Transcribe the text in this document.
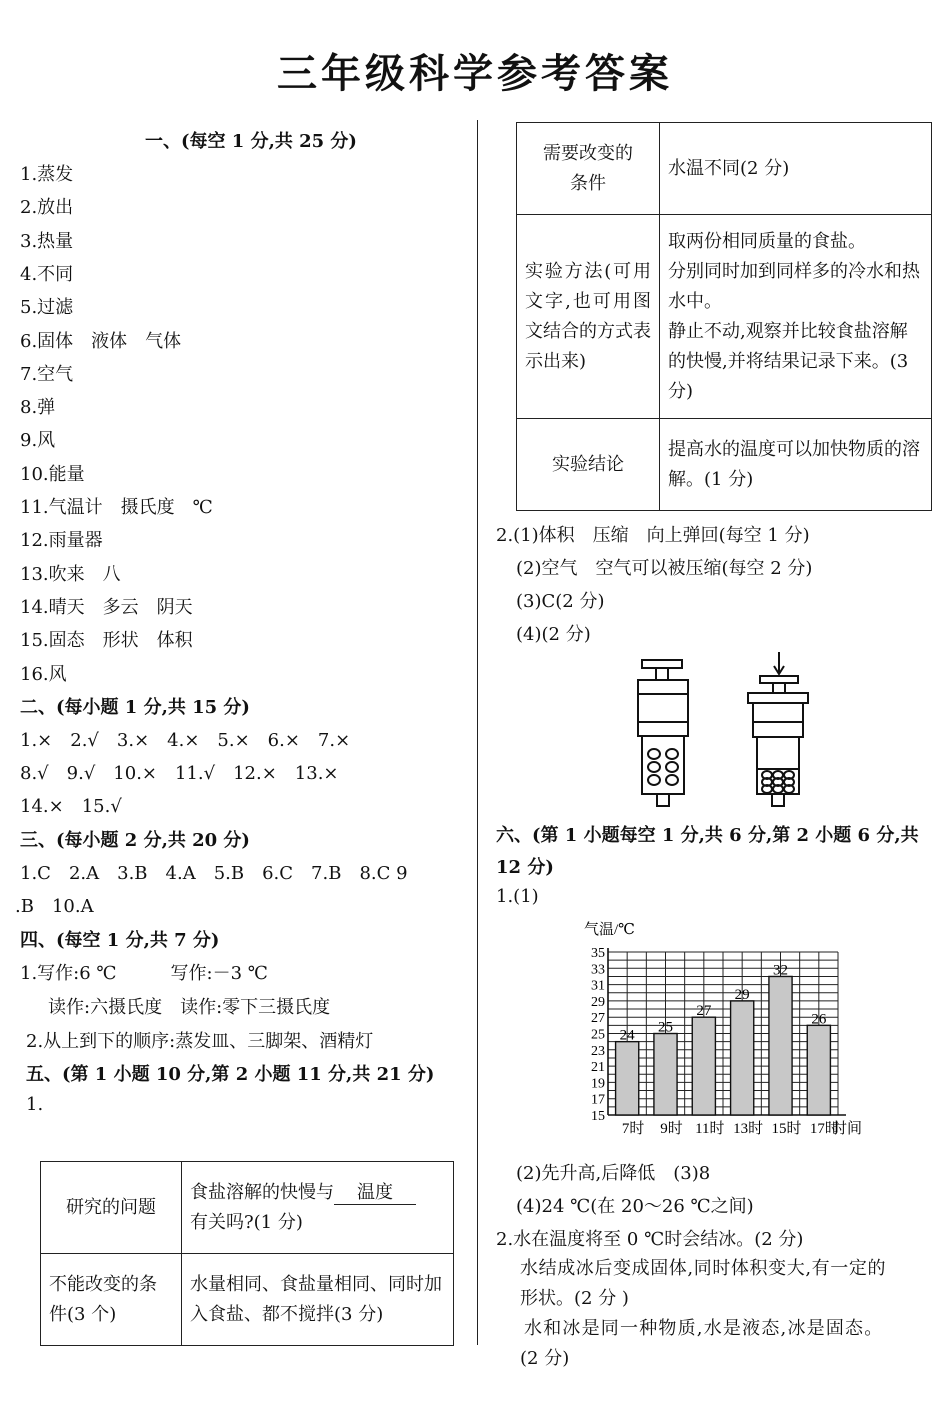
三年级科学参考答案
一、(每空 1 分,共 25 分)
1.蒸发
2.放出
3.热量
4.不同
5.过滤
6.固体　液体　气体
7.空气
8.弹
9.风
10.能量
11.气温计　摄氏度　℃
12.雨量器
13.吹来　八
14.晴天　多云　阴天
15.固态　形状　体积
16.风
二、(每小题 1 分,共 15 分)
1.×　2.√　3.×　4.×　5.×　6.×　7.×
8.√　9.√　10.×　11.√　12.×　13.×
14.×　15.√
三、(每小题 2 分,共 20 分)
1.C　2.A　3.B　4.A　5.B　6.C　7.B　8.C 9
.B　10.A
四、(每空 1 分,共 7 分)
1.写作:6 ℃　　　写作:－3 ℃
读作:六摄氏度　读作:零下三摄氏度
2.从上到下的顺序:蒸发皿、三脚架、酒精灯
五、(第 1 小题 10 分,第 2 小题 11 分,共 21 分)
1.
研究的问题	食盐溶解的快慢与 温度
有关吗?(1 分)
不能改变的条件(3 个)	水量相同、食盐量相同、同时加入食盐、都不搅拌(3 分)
需要改变的条件	水温不同(2 分)
实验方法(可用文字,也可用图文结合的方式表示出来)	取两份相同质量的食盐。
分别同时加到同样多的冷水和热水中。
静止不动,观察并比较食盐溶解的快慢,并将结果记录下来。(3 分)

实验结论	提高水的温度可以加快物质的溶解。(1 分)
2.(1)体积　压缩　向上弹回(每空 1 分)
(2)空气　空气可以被压缩(每空 2 分)
(3)C(2 分)
(4)(2 分)
六、(第 1 小题每空 1 分,共 6 分,第 2 小题 6 分,共
12 分)
1.(1)
气温/℃
35
33
31
29
27
25
23
21
19
17
15
24
7时
25
9时
27
11时
29
13时
32
15时
26
17时
时间
(2)先升高,后降低　(3)8
(4)24 ℃(在 20～26 ℃之间)
2.水在温度将至 0 ℃时会结冰。(2 分)
水结成冰后变成固体,同时体积变大,有一定的
形状。(2 分 )
水和冰是同一种物质,水是液态,冰是固态。
(2 分)
